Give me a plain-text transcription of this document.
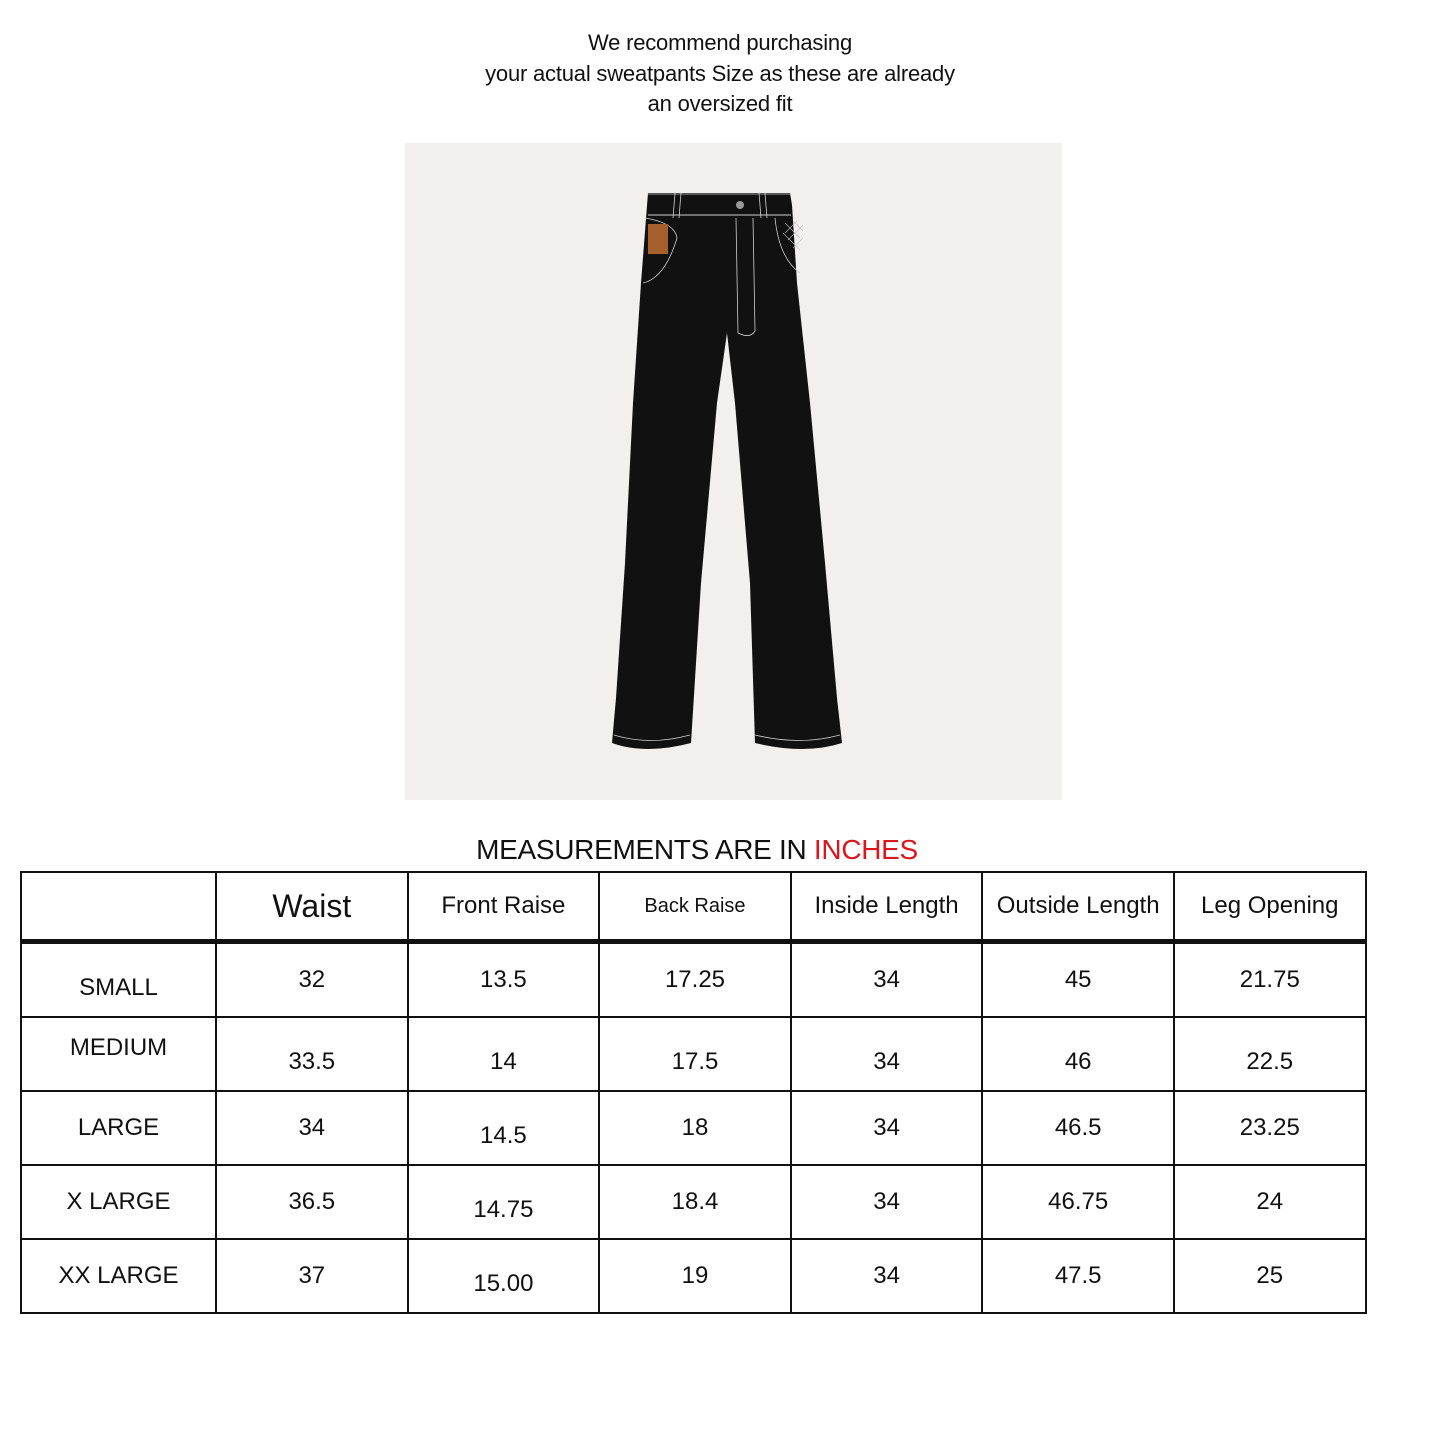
We recommend purchasing
your actual sweatpants Size as these are already
an oversized fit
MEASUREMENTS ARE IN INCHES
	Waist	Front Raise	Back Raise	Inside Length	Outside Length	Leg Opening
SMALL	32	13.5	17.25	34	45	21.75
MEDIUM	33.5	14	17.5	34	46	22.5
LARGE	34	14.5	18	34	46.5	23.25
X LARGE	36.5	14.75	18.4	34	46.75	24
XX LARGE	37	15.00	19	34	47.5	25
